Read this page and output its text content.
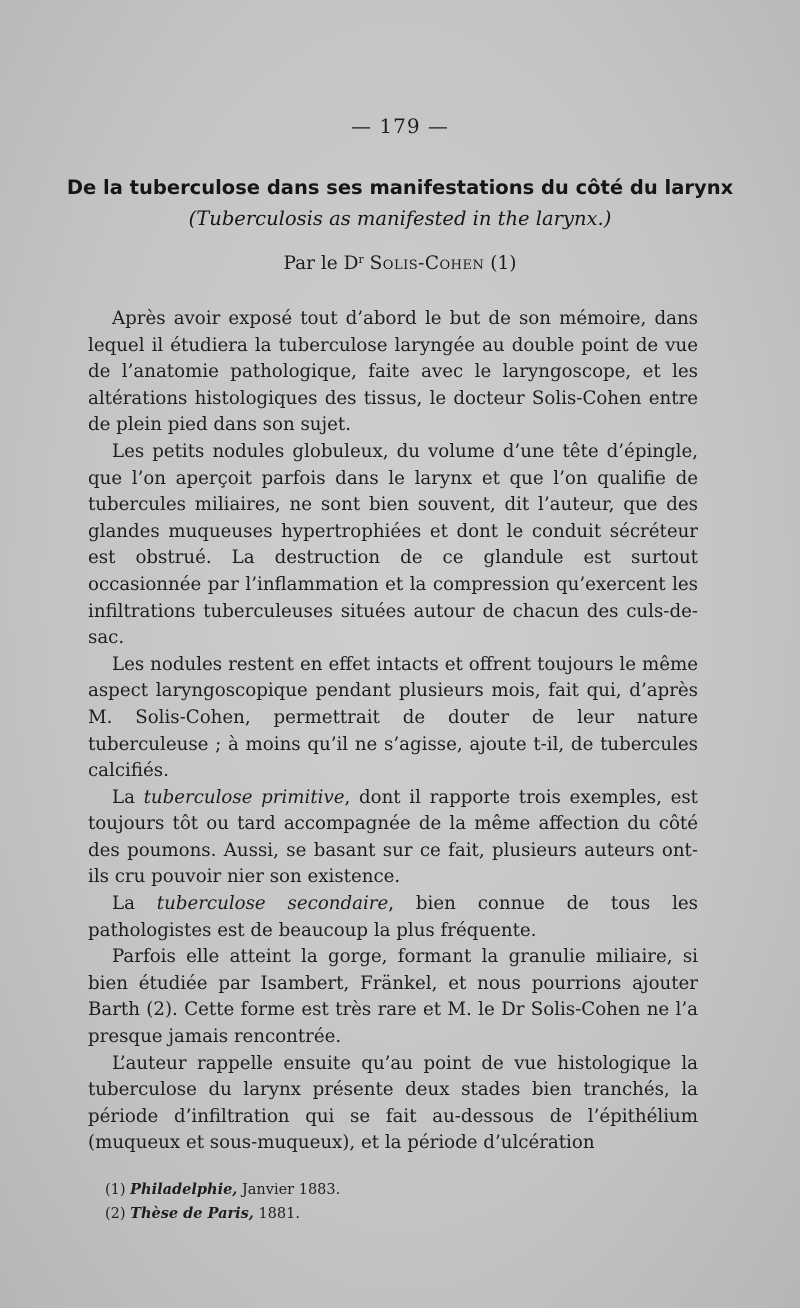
— 179 —
De la tuberculose dans ses manifestations du côté du larynx (Tuberculosis as manifested in the larynx.)
Par le $D^r$ Solis-Cohen (1)

Après avoir exposé tout d’abord le but de son mémoire, dans lequel il étudiera la tuberculose laryngée au double point de vue de l’anatomie pathologique, faite avec le laryngoscope, et les altérations histologiques des tissus, le docteur Solis-Cohen entre de plein pied dans son sujet.

Les petits nodules globuleux, du volume d’une tête d’épingle, que l’on aperçoit parfois dans le larynx et que l’on qualifie de tubercules miliaires, ne sont bien souvent, dit l’auteur, que des glandes muqueuses hypertrophiées et dont le conduit sécréteur est obstrué. La destruction de ce glandule est surtout occasionnée par l’inflammation et la compression qu’exercent les infiltrations tuberculeuses situées autour de chacun des culs-de-sac.

Les nodules restent en effet intacts et offrent toujours le même aspect laryngoscopique pendant plusieurs mois, fait qui, d’après M. Solis-Cohen, permettrait de douter de leur nature tuberculeuse ; à moins qu’il ne s’agisse, ajoute t-il, de tubercules calcifiés.

La tuberculose primitive, dont il rapporte trois exemples, est toujours tôt ou tard accompagnée de la même affection du côté des poumons. Aussi, se basant sur ce fait, plusieurs auteurs ont-ils cru pouvoir nier son existence.

La tuberculose secondaire, bien connue de tous les pathologistes est de beaucoup la plus fréquente.

Parfois elle atteint la gorge, formant la granulie miliaire, si bien étudiée par Isambert, Fränkel, et nous pourrions ajouter Barth (2). Cette forme est très rare et M. le Dr Solis-Cohen ne l’a presque jamais rencontrée.

L’auteur rappelle ensuite qu’au point de vue histologique la tuberculose du larynx présente deux stades bien tranchés, la période d’infiltration qui se fait au-dessous de l’épithélium (muqueux et sous-muqueux), et la période d’ulcération

(1) Philadelphie, Janvier 1883.
(2) Thèse de Paris, 1881.
